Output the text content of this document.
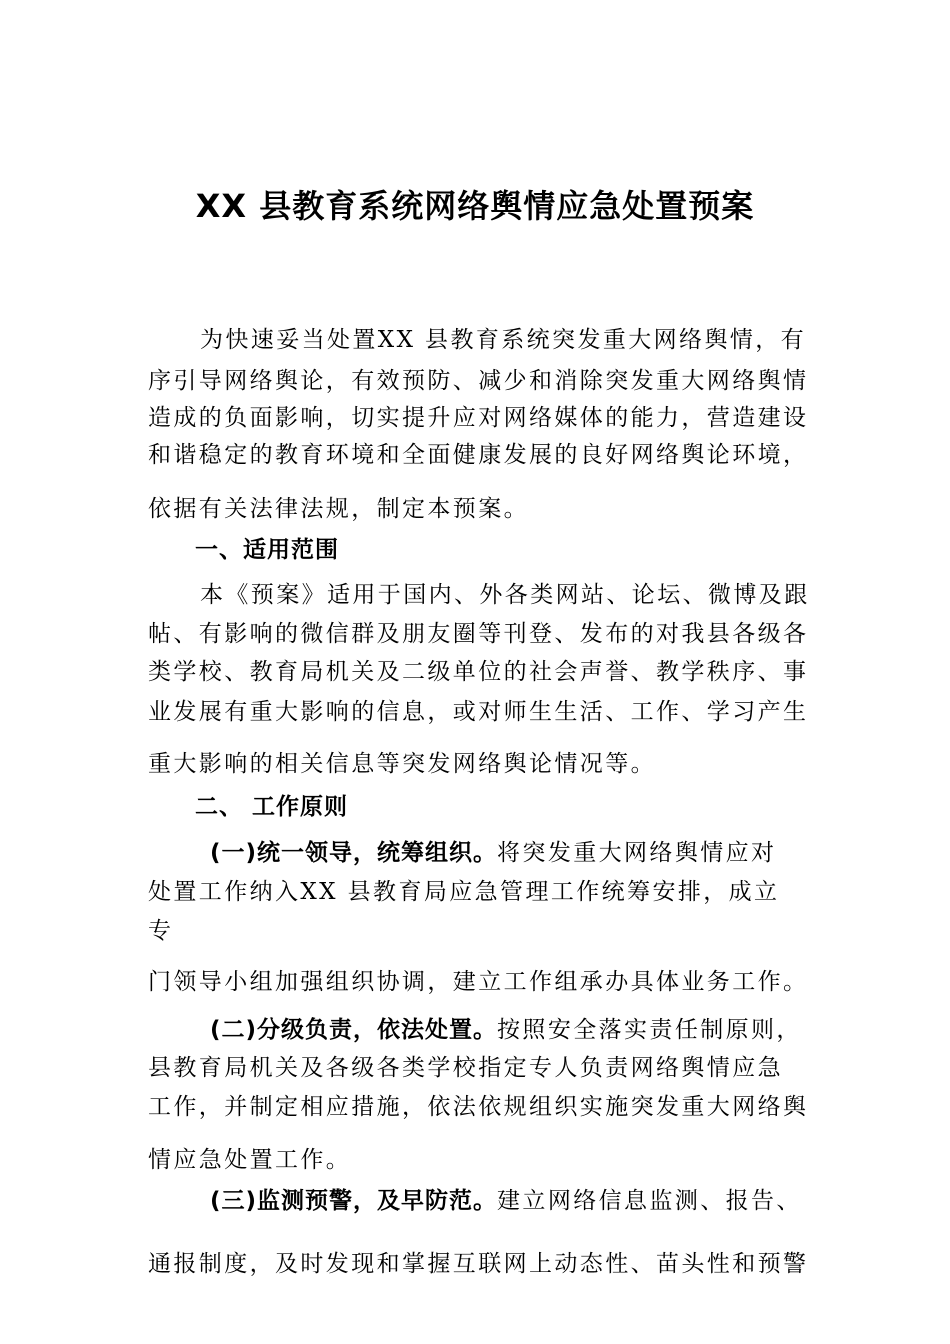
XX 县教育系统网络舆情应急处置预案
为快速妥当处置XX 县教育系统突发重大网络舆情，有
序引导网络舆论，有效预防、减少和消除突发重大网络舆情
造成的负面影响，切实提升应对网络媒体的能力，营造建设
和谐稳定的教育环境和全面健康发展的良好网络舆论环境，
依据有关法律法规，制定本预案。
一、适用范围
本《预案》适用于国内、外各类网站、论坛、微博及跟
帖、有影响的微信群及朋友圈等刊登、发布的对我县各级各
类学校、教育局机关及二级单位的社会声誉、教学秩序、事
业发展有重大影响的信息，或对师生生活、工作、学习产生
重大影响的相关信息等突发网络舆论情况等。
二、 工作原则
(一)统一领导，统筹组织。将突发重大网络舆情应对
处置工作纳入XX 县教育局应急管理工作统筹安排，成立
专
门领导小组加强组织协调，建立工作组承办具体业务工作。
(二)分级负责，依法处置。按照安全落实责任制原则，
县教育局机关及各级各类学校指定专人负责网络舆情应急
工作，并制定相应措施，依法依规组织实施突发重大网络舆
情应急处置工作。
(三)监测预警，及早防范。建立网络信息监测、报告、
通报制度，及时发现和掌握互联网上动态性、苗头性和预警
